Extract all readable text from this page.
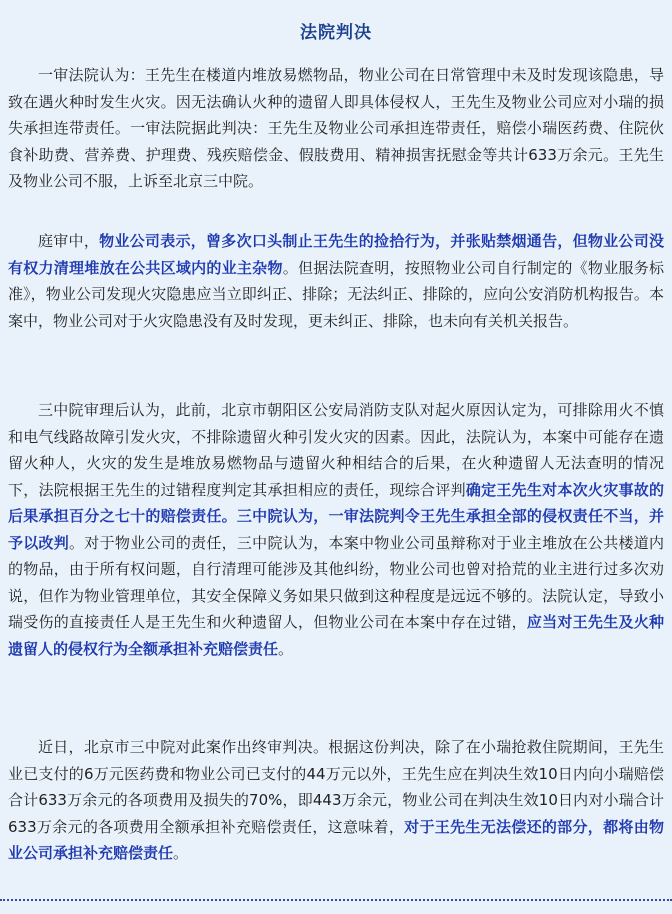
法院判决

一审法院认为：王先生在楼道内堆放易燃物品，物业公司在日常管理中未及时发现该隐患，导致在遇火种时发生火灾。因无法确认火种的遗留人即具体侵权人，王先生及物业公司应对小瑞的损失承担连带责任。一审法院据此判决：王先生及物业公司承担连带责任，赔偿小瑞医药费、住院伙食补助费、营养费、护理费、残疾赔偿金、假肢费用、精神损害抚慰金等共计633万余元。王先生及物业公司不服，上诉至北京三中院。

庭审中，物业公司表示，曾多次口头制止王先生的捡拾行为，并张贴禁烟通告，但物业公司没有权力清理堆放在公共区域内的业主杂物。但据法院查明，按照物业公司自行制定的《物业服务标准》，物业公司发现火灾隐患应当立即纠正、排除；无法纠正、排除的，应向公安消防机构报告。本案中，物业公司对于火灾隐患没有及时发现，更未纠正、排除，也未向有关机关报告。

三中院审理后认为，此前，北京市朝阳区公安局消防支队对起火原因认定为，可排除用火不慎和电气线路故障引发火灾，不排除遗留火种引发火灾的因素。因此，法院认为，本案中可能存在遗留火种人，火灾的发生是堆放易燃物品与遗留火种相结合的后果，在火种遗留人无法查明的情况下，法院根据王先生的过错程度判定其承担相应的责任，现综合评判确定王先生对本次火灾事故的后果承担百分之七十的赔偿责任。三中院认为，一审法院判令王先生承担全部的侵权责任不当，并予以改判。对于物业公司的责任，三中院认为，本案中物业公司虽辩称对于业主堆放在公共楼道内的物品，由于所有权问题，自行清理可能涉及其他纠纷，物业公司也曾对拾荒的业主进行过多次劝说，但作为物业管理单位，其安全保障义务如果只做到这种程度是远远不够的。法院认定，导致小瑞受伤的直接责任人是王先生和火种遗留人，但物业公司在本案中存在过错，应当对王先生及火种遗留人的侵权行为全额承担补充赔偿责任。

近日，北京市三中院对此案作出终审判决。根据这份判决，除了在小瑞抢救住院期间，王先生业已支付的6万元医药费和物业公司已支付的44万元以外，王先生应在判决生效10日内向小瑞赔偿合计633万余元的各项费用及损失的70%，即443万余元，物业公司在判决生效10日内对小瑞合计633万余元的各项费用全额承担补充赔偿责任，这意味着，对于王先生无法偿还的部分，都将由物业公司承担补充赔偿责任。
